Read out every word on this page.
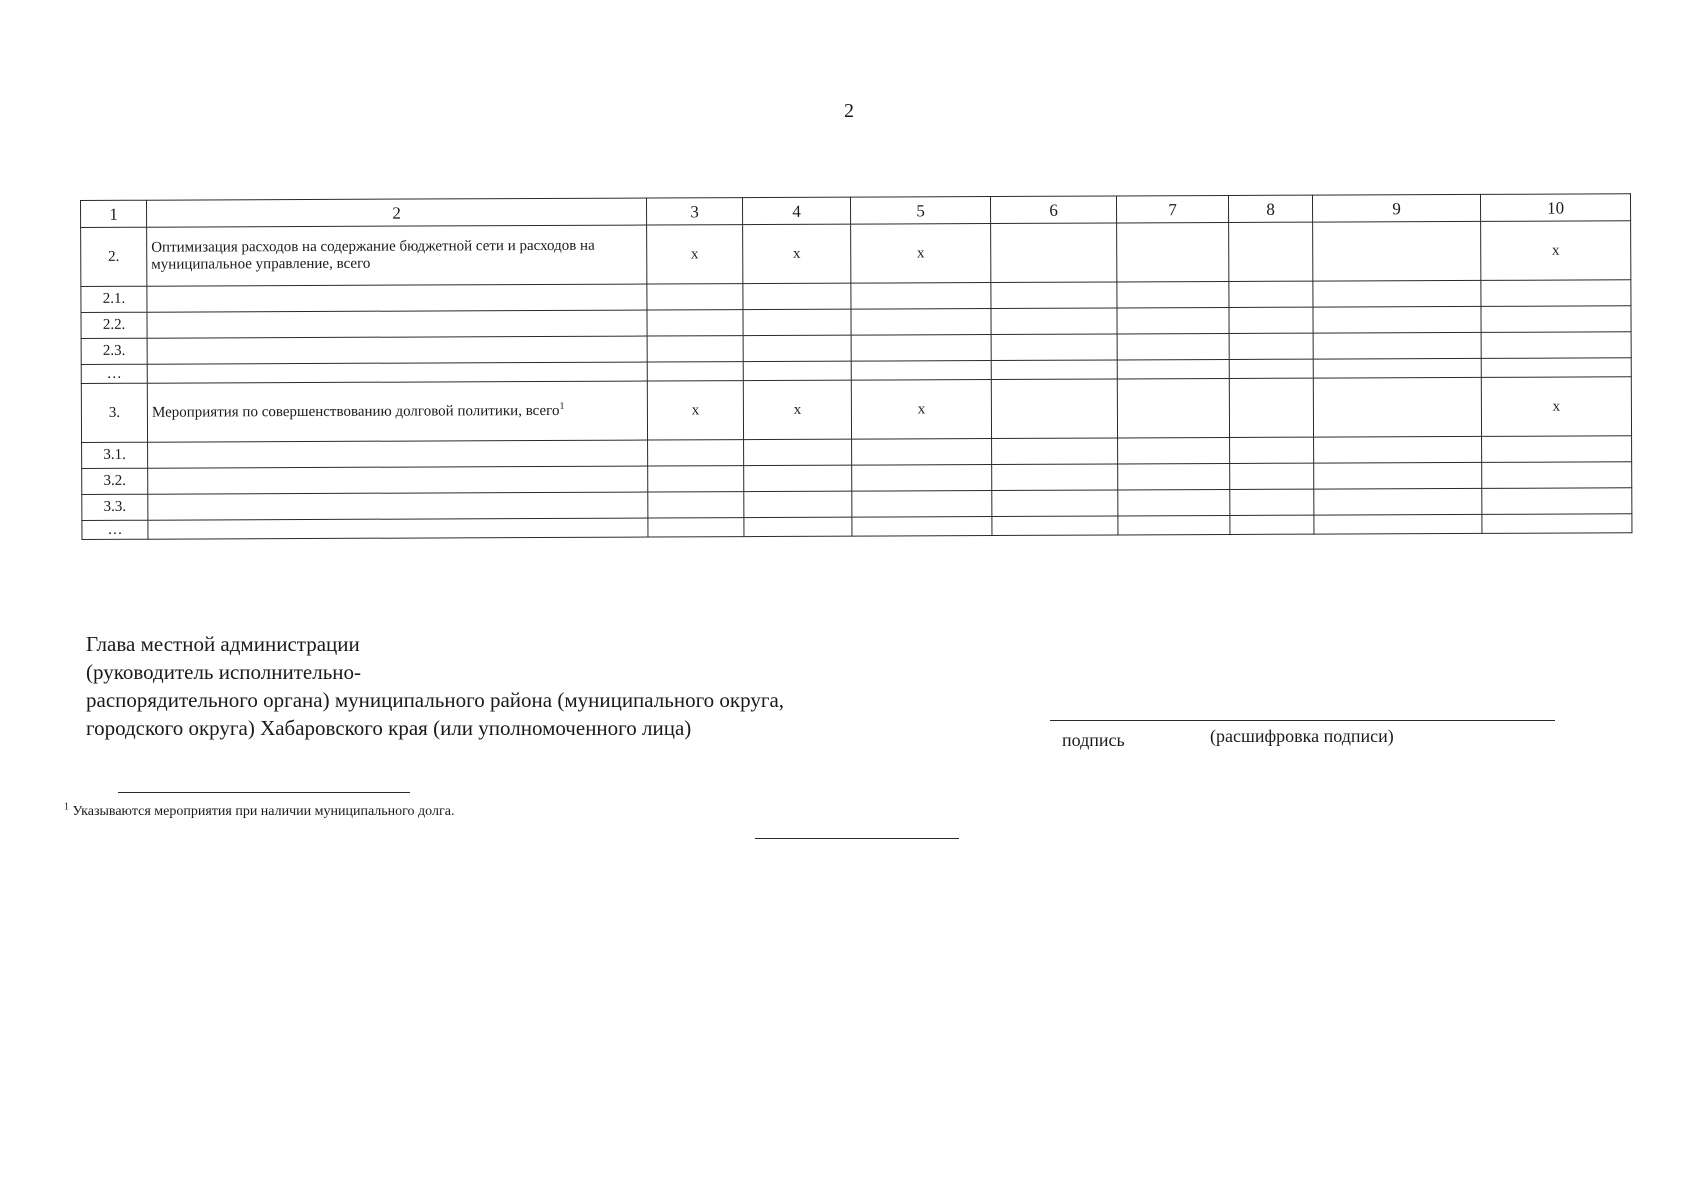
2
1	2	3	4	5	6	7	8	9	10
2.	Оптимизация расходов на содержание бюджетной сети и расходов на муниципальное управление, всего	x	x	x					x
2.1.									
2.2.									
2.3.									
…									
3.	Мероприятия по совершенствованию долговой политики, всего$^1$	x	x	x					x
3.1.									
3.2.									
3.3.									
…									
Глава местной администрации
(руководитель исполнительно-
распорядительного органа) муниципального района (муниципального округа,
городского округа) Хабаровского края (или уполномоченного лица)	подпись	(расшифровка подписи)
$^1$ Указываются мероприятия при наличии муниципального долга.
